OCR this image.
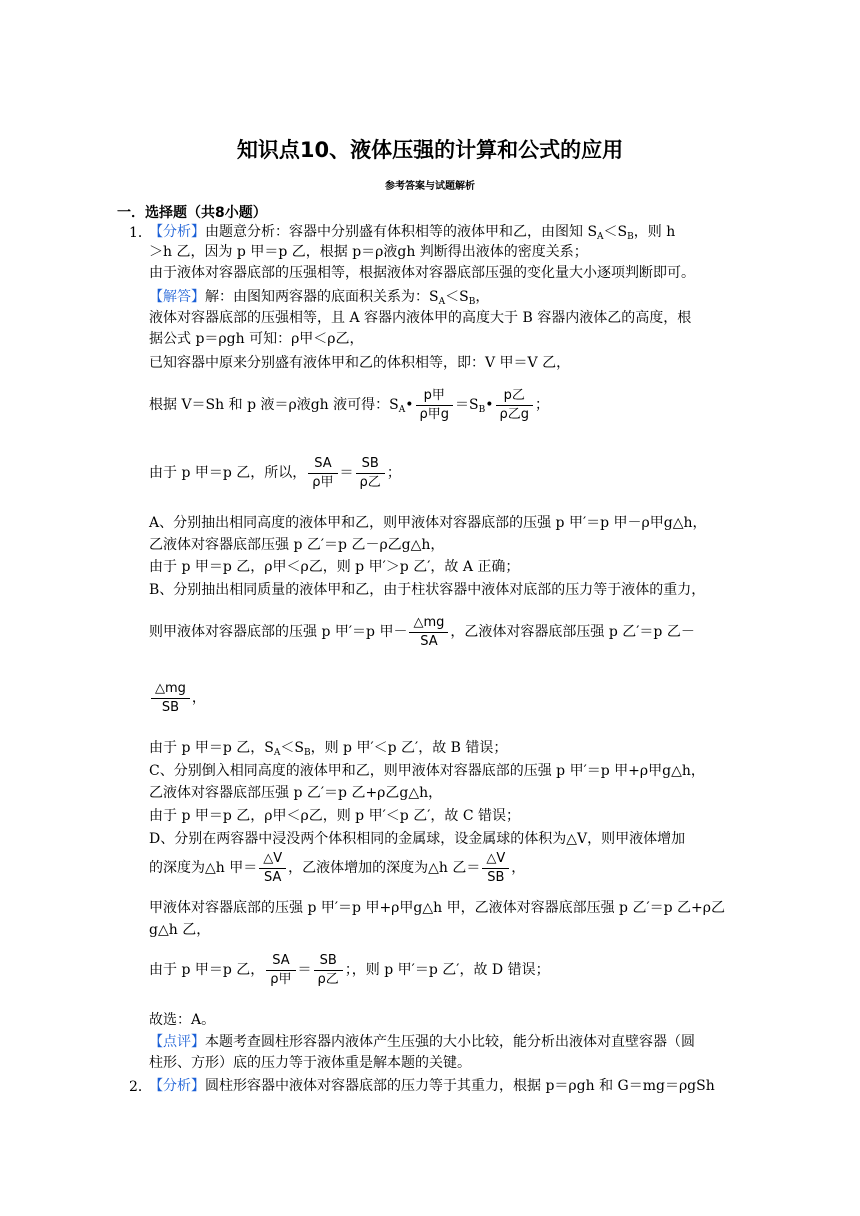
知识点10、液体压强的计算和公式的应用
参考答案与试题解析
一．选择题（共8小题）
1．
【分析】由题意分析：容器中分别盛有体积相等的液体甲和乙，由图知 $S_A<S_B$，则 h
＞h 乙，因为 p 甲＝p 乙，根据 p＝ρ液gh 判断得出液体的密度关系；
由于液体对容器底部的压强相等，根据液体对容器底部压强的变化量大小逐项判断即可。
【解答】解：由图知两容器的底面积关系为：$S_A<S_B$，
液体对容器底部的压强相等，且 A 容器内液体甲的高度大于 B 容器内液体乙的高度，根
据公式 p＝ρgh 可知：ρ甲＜ρ乙，
已知容器中原来分别盛有液体甲和乙的体积相等，即：V 甲＝V 乙，
根据 V＝Sh 和 p 液＝ρ液gh 液可得：$S_A• \frac{\text{p甲}}{\text{ρ甲g}}$ $=S_B• \frac{\text{p乙}}{\text{ρ乙g}}$ ；
由于 p 甲＝p 乙，所以， $\frac{SA}{\text{ρ甲}} = \frac{SB}{\text{ρ乙}}$ ；
A、分别抽出相同高度的液体甲和乙，则甲液体对容器底部的压强 p 甲′＝p 甲－ρ甲g△h，
乙液体对容器底部压强 p 乙′＝p 乙－ρ乙g△h，
由于 p 甲＝p 乙，ρ甲＜ρ乙，则 p 甲′＞p 乙′，故 A 正确；
B、分别抽出相同质量的液体甲和乙，由于柱状容器中液体对底部的压力等于液体的重力，
则甲液体对容器底部的压强 p 甲′＝p 甲－ $\frac{\triangle mg}{SA}$ ，乙液体对容器底部压强 p 乙′＝p 乙－
$\frac{\triangle mg}{SB}$ ，
由于 p 甲＝p 乙，$S_A<S_B$，则 p 甲′＜p 乙′，故 B 错误；
C、分别倒入相同高度的液体甲和乙，则甲液体对容器底部的压强 p 甲′＝p 甲+ρ甲g△h，
乙液体对容器底部压强 p 乙′＝p 乙+ρ乙g△h，
由于 p 甲＝p 乙，ρ甲＜ρ乙，则 p 甲′＜p 乙′，故 C 错误；
D、分别在两容器中浸没两个体积相同的金属球，设金属球的体积为△V，则甲液体增加
的深度为△h 甲＝ $\frac{\triangle V}{SA}$ ，乙液体增加的深度为△h 乙＝ $\frac{\triangle V}{SB}$ ，
甲液体对容器底部的压强 p 甲′＝p 甲+ρ甲g△h 甲，乙液体对容器底部压强 p 乙′＝p 乙+ρ乙
g△h 乙，
由于 p 甲＝p 乙， $\frac{SA}{\text{ρ甲}} = \frac{SB}{\text{ρ乙}}$ ；，则 p 甲′＝p 乙′，故 D 错误；
故选：A。
【点评】本题考查圆柱形容器内液体产生压强的大小比较，能分析出液体对直壁容器（圆
柱形、方形）底的压力等于液体重是解本题的关键。
2．
【分析】圆柱形容器中液体对容器底部的压力等于其重力，根据 p＝ρgh 和 G＝mg＝ρgSh
